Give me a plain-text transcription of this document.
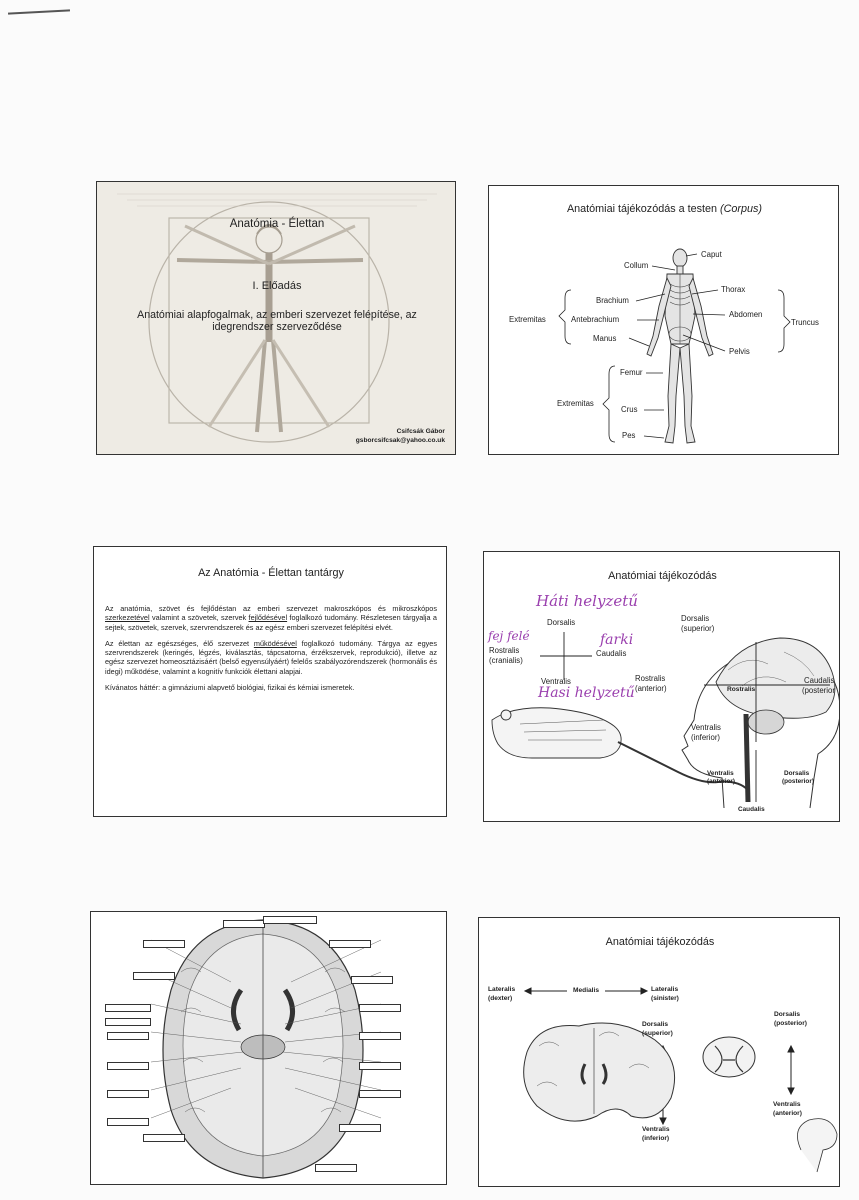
Anatómia - Élettan
I. Előadás
Anatómiai alapfogalmak, az emberi szervezet felépítése, az
idegrendszer szerveződése
Csifcsák Gábor
gsborcsifcsak@yahoo.co.uk
Anatómiai tájékozódás a testen (Corpus)
Caput
Collum
Thorax
Brachium
Abdomen
Extremitas	Antebrachium	Truncus
Manus
Pelvis
Femur
Extremitas
Crus
Pes
Az Anatómia - Élettan tantárgy

Az anatómia, szövet és fejlődéstan az emberi szervezet makroszkópos és mikroszkópos szerkezetével valamint a szövetek, szervek fejlődésével foglalkozó tudomány. Részletesen tárgyalja a sejtek, szövetek, szervek, szervrendszerek és az egész emberi szervezet felépítési elvét.

Az élettan az egészséges, élő szervezet működésével foglalkozó tudomány. Tárgya az egyes szervrendszerek (keringés, légzés, kiválasztás, tápcsatorna, érzékszervek, reprodukció), illetve az egész szervezet homeosztázisáért (belső egyensúlyáért) felelős szabályozórendszerek (hormonális és idegi) működése, valamint a kognitív funkciók élettani alapjai.

Kívánatos háttér: a gimnáziumi alapvető biológiai, fizikai és kémiai ismeretek.

Anatómiai tájékozódás
Háti helyzetű
Dorsalis
fej felé	farki
Rostralis	Caudalis
(cranialis)
Ventralis
Hasi helyzetű
Dorsalis
(superior)
Rostralis
(anterior)	Rostralis
Caudalis
(posterior
Ventralis
(inferior)
Ventralis
(anterior)
Dorsalis
(posterior)
Caudalis
Anatómiai tájékozódás
Lateralis
(dexter)
Medialis	Lateralis
(sinister)
Dorsalis
(superior)
Dorsalis
(posterior)
Ventralis
(anterior)
Ventralis
(inferior)
